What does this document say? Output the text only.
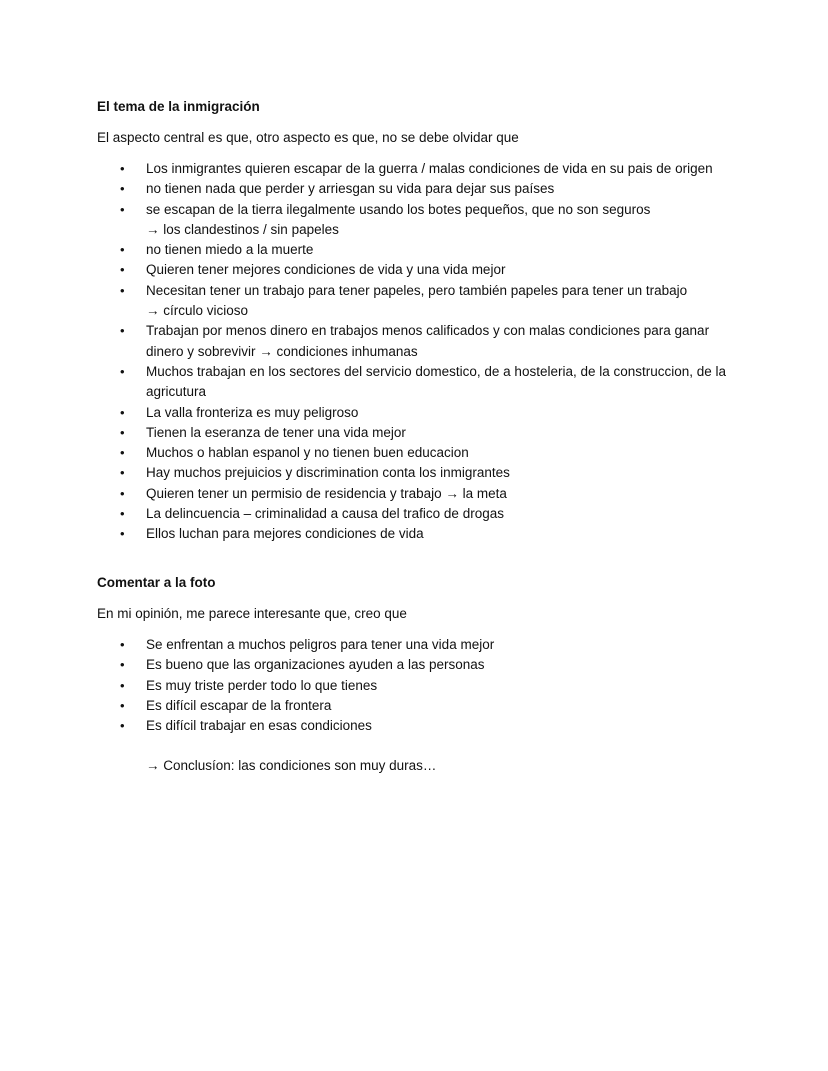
El tema de la inmigración
El aspecto central es que, otro aspecto es que, no se debe olvidar que
• Los inmigrantes quieren escapar de la guerra / malas condiciones de vida en su pais de origen
• no tienen nada que perder y arriesgan su vida para dejar sus países
• se escapan de la tierra ilegalmente usando los botes pequeños, que no son seguros
→ los clandestinos / sin papeles
• no tienen miedo a la muerte
• Quieren tener mejores condiciones de vida y una vida mejor
• Necesitan tener un trabajo para tener papeles, pero también papeles para tener un trabajo
→ círculo vicioso
• Trabajan por menos dinero en trabajos menos calificados y con malas condiciones para ganar dinero y sobrevivir → condiciones inhumanas
• Muchos trabajan en los sectores del servicio domestico, de a hosteleria, de la construccion, de la agricutura
• La valla fronteriza es muy peligroso
• Tienen la eseranza de tener una vida mejor
• Muchos o hablan espanol y no tienen buen educacion
• Hay muchos prejuicios y discrimination conta los inmigrantes
• Quieren tener un permisio de residencia y trabajo → la meta
• La delincuencia – criminalidad a causa del trafico de drogas
• Ellos luchan para mejores condiciones de vida
Comentar a la foto
En mi opinión, me parece interesante que, creo que
• Se enfrentan a muchos peligros para tener una vida mejor
• Es bueno que las organizaciones ayuden a las personas
• Es muy triste perder todo lo que tienes
• Es difícil escapar de la frontera
• Es difícil trabajar en esas condiciones
→ Conclusíon: las condiciones son muy duras…
